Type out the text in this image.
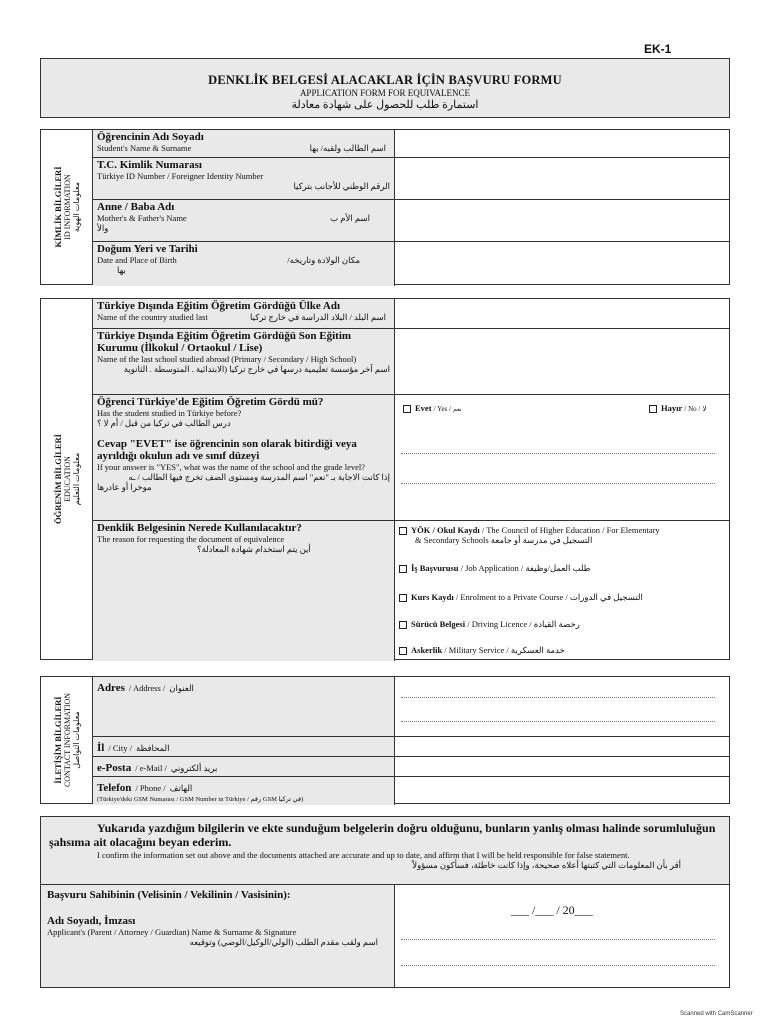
EK-1
DENKLİK BELGESİ ALACAKLAR İÇİN BAŞVURU FORMU
APPLICATION FORM FOR EQUIVALENCE
استمارة طلب للحصول على شهادة معادلة
KİMLİK BİLGİLERİ ID INFORMATION معلومات الهوية
Öğrencinin Adı Soyadı
Student's Name & Surname	اسم الطالب ولقبه/ بها
T.C. Kimlik Numarası
Türkiye ID Number / Foreigner Identity Number
الرقم الوطني للأجانب بتركيا
Anne / Baba Adı
Mother's & Father's Name	اسم الأم ب
والأ
Doğum Yeri ve Tarihi
Date and Place of Birth	مكان الولادة وتاريخه/
بها
ÖĞRENİM BİLGİLERİ EDUCATION معلومات التعليم
Türkiye Dışında Eğitim Öğretim Gördüğü Ülke Adı
Name of the country studied last	اسم البلد / البلاد الدراسة في خارج تركيا
Türkiye Dışında Eğitim Öğretim Gördüğü Son Eğitim Kurumu (İlkokul / Ortaokul / Lise)
Name of the last school studied abroad (Primary / Secondary / High School)
اسم آخر مؤسسة تعليمية درسها في خارج تركيا (الابتدائية . المتوسطة . الثانوية
Öğrenci Türkiye'de Eğitim Öğretim Gördü mü?
Has the student studied in Türkiye before?
درس الطالب في تركيا من قبل / أم لا ؟
Cevap "EVET" ise öğrencinin son olarak bitirdiği veya ayrıldığı okulun adı ve sınıf düzeyi
If your answer is "YES", what was the name of the school and the grade level?
إذا كانت الاجابة بـ "نعم" اسم المدرسة ومستوى الصف تخرج فيها الطالب / ـه
موخرا أو عادرها
Evet / Yes / نعم	Hayır / No / لا
Denklik Belgesinin Nerede Kullanılacaktır?
The reason for requesting the document of equivalence
أين يتم استخدام شهادة المعادلة؟
YÖK / Okul Kaydı / The Council of Higher Education / For Elementary
& Secondary Schools التسجيل في مدرسة أو جامعة
İş Başvurusu / Job Application / طلب العمل/وظيفة
Kurs Kaydı / Enrolment to a Private Course / التسجيل في الدورات
Sürücü Belgesi / Driving Licence / رخصة القيادة
Askerlik / Military Service / خدمة العسكرية
İLETİŞİM BİLGİLERİ CONTACT INFORMATION معلومات التواصل
Adres / Address / العنوان
İl / City / المحافظة
e-Posta / e-Mail / بريد ألكتروني
Telefon / Phone / الهاتف
(Türkiye'deki GSM Numarası / GSM Number in Türkiye / رقم GSM في تركيا)
Yukarıda yazdığım bilgilerin ve ekte sunduğum belgelerin doğru olduğunu, bunların yanlış olması halinde sorumluluğun şahsıma ait olacağını beyan ederim.
I confirm the information set out above and the documents attached are accurate and up to date, and affirm that I will be held responsible for false statement.
أقر بأن المعلومات التي كتبتها أعلاه صحيحة، وإذا كانت خاطئة، فسأكون مسؤولاً
Başvuru Sahibinin (Velisinin / Vekilinin / Vasisinin):
Adı Soyadı, İmzası
Applicant's (Parent / Attorney / Guardian) Name & Surname & Signature
اسم ولقب مقدم الطلب (الولي/الوكيل/الوصي) وتوقيعه
___ /___ / 20___
Scanned with CamScanner
